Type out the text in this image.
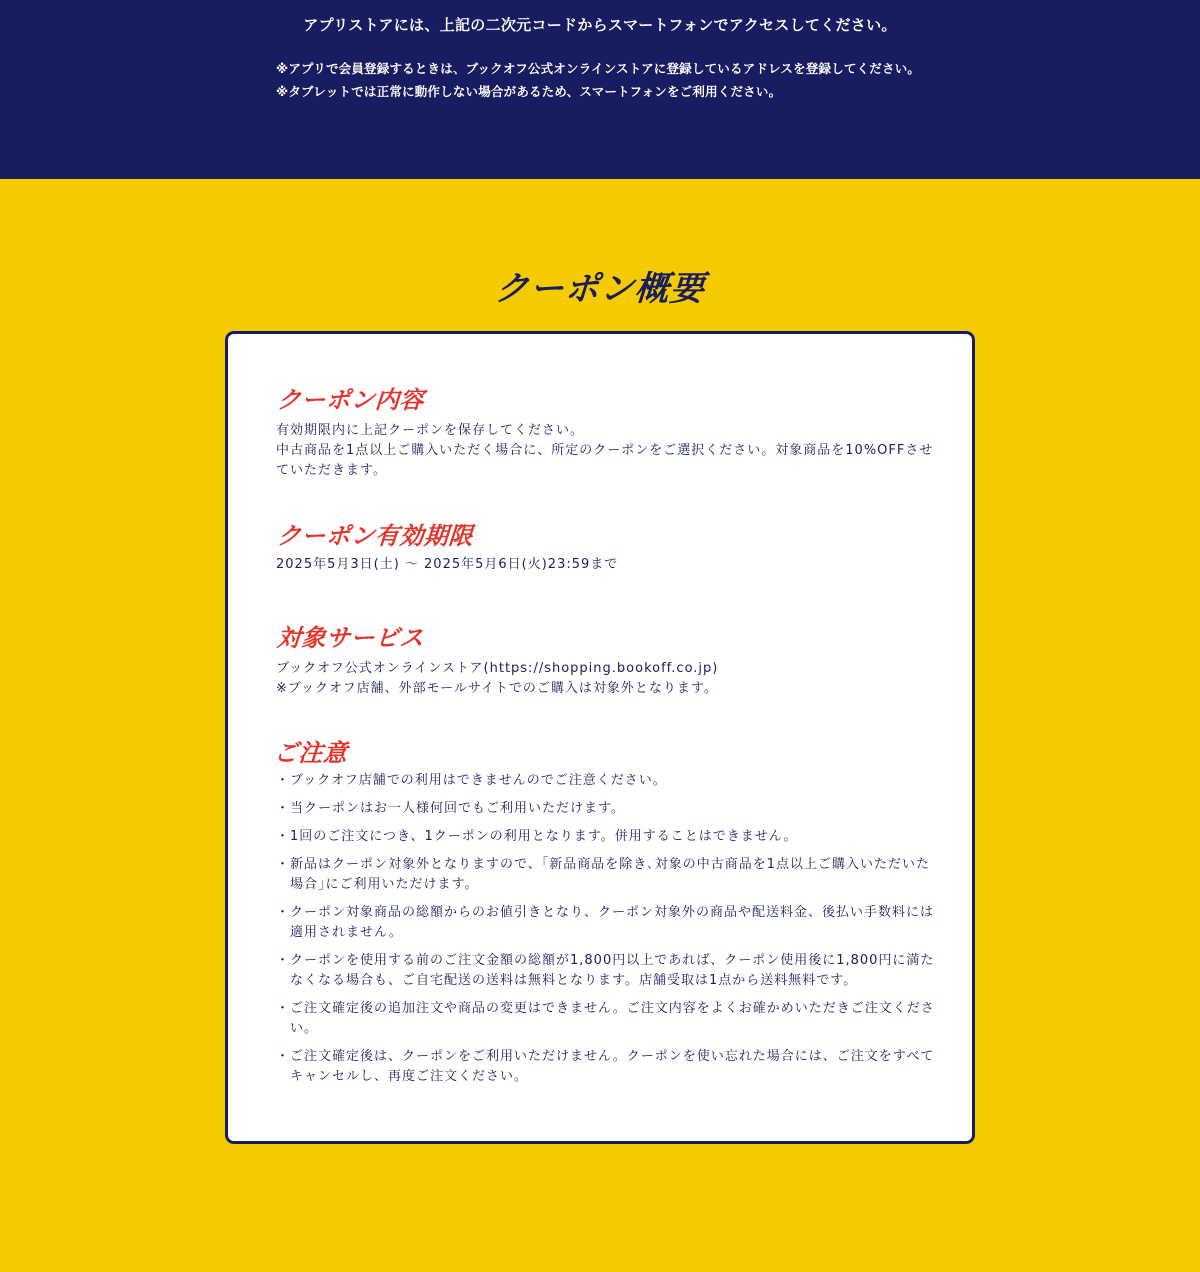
アプリストアには、上記の二次元コードからスマートフォンでアクセスしてください。
※アプリで会員登録するときは、ブックオフ公式オンラインストアに登録しているアドレスを登録してください。
※タブレットでは正常に動作しない場合があるため、スマートフォンをご利用ください。
クーポン概要
クーポン内容
有効期限内に上記クーポンを保存してください。
中古商品を1点以上ご購入いただく場合に、所定のクーポンをご選択ください。対象商品を10%OFFさせていただきます。
クーポン有効期限
2025年5月3日(土) 〜 2025年5月6日(火)23:59まで
対象サービス
ブックオフ公式オンラインストア(https://shopping.bookoff.co.jp)
※ブックオフ店舗、外部モールサイトでのご購入は対象外となります。
ご注意
・ ブックオフ店舗での利用はできませんのでご注意ください。
・ 当クーポンはお一人様何回でもご利用いただけます。
・ 1回のご注文につき、1クーポンの利用となります。併用することはできません。
・ 新品はクーポン対象外となりますので、｢新品商品を除き､対象の中古商品を1点以上ご購入いただいた場合｣にご利用いただけます。
・ クーポン対象商品の総額からのお値引きとなり、クーポン対象外の商品や配送料金、後払い手数料には適用されません。
・ クーポンを使用する前のご注文金額の総額が1,800円以上であれば、クーポン使用後に1,800円に満たなくなる場合も、ご自宅配送の送料は無料となります。店舗受取は1点から送料無料です。
・ ご注文確定後の追加注文や商品の変更はできません。ご注文内容をよくお確かめいただきご注文ください。
・ ご注文確定後は、クーポンをご利用いただけません。クーポンを使い忘れた場合には、ご注文をすべてキャンセルし、再度ご注文ください。
